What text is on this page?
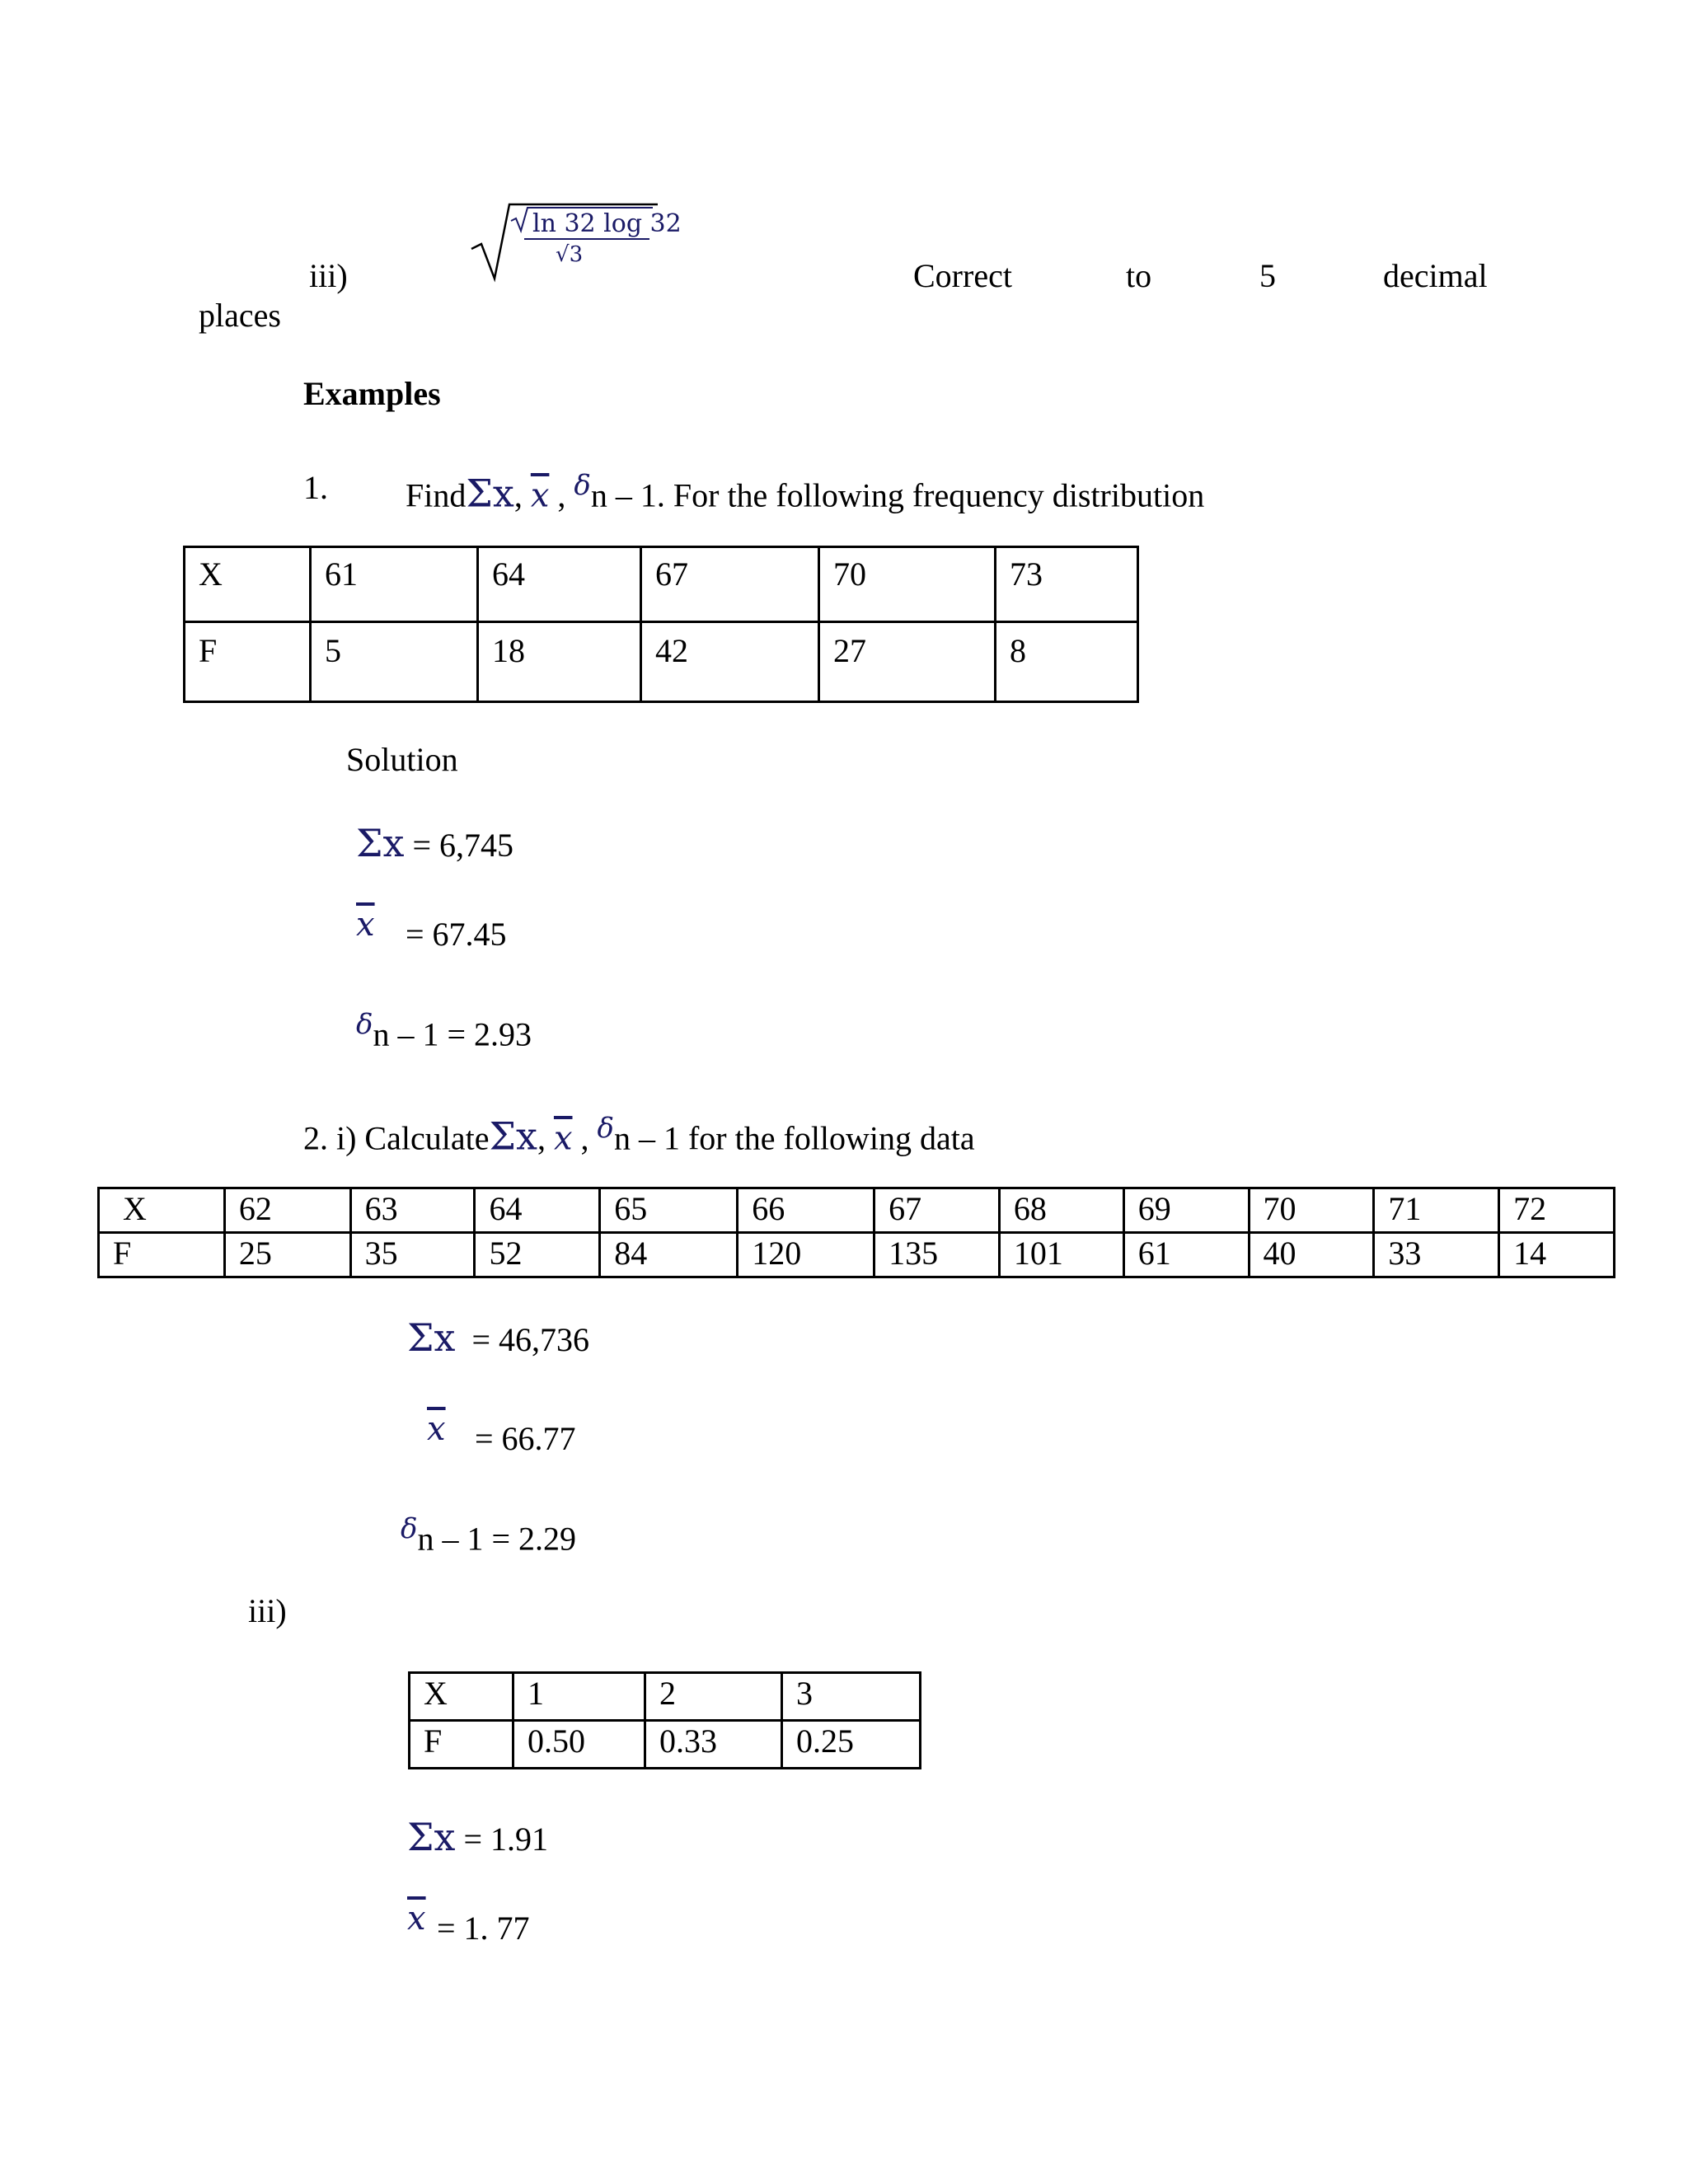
iii)
ln 32 log 32
√3
Correct	to	5	decimal
places
Examples
1. FindΣx, $\overline{x}$ , $^\delta$n – 1. For the following frequency distribution
X	61	64	67	70	73
F	5	18	42	27	8
Solution
Σx = 6,745
$\overline{x} = 67.45$
$^\delta$n – 1 = 2.93
2. i) CalculateΣx, $\overline{x}$ , $^\delta$n – 1 for the following data
X	62	63	64	65	66	67	68	69	70	71	72
F	25	35	52	84	120	135	101	61	40	33	14
Σx = 46,736
$\overline{x} = 66.77$
$^\delta$n – 1 = 2.29
iii)
X	1	2	3
F	0.50	0.33	0.25
Σx = 1.91
$\overline{x} = 1$. 77
